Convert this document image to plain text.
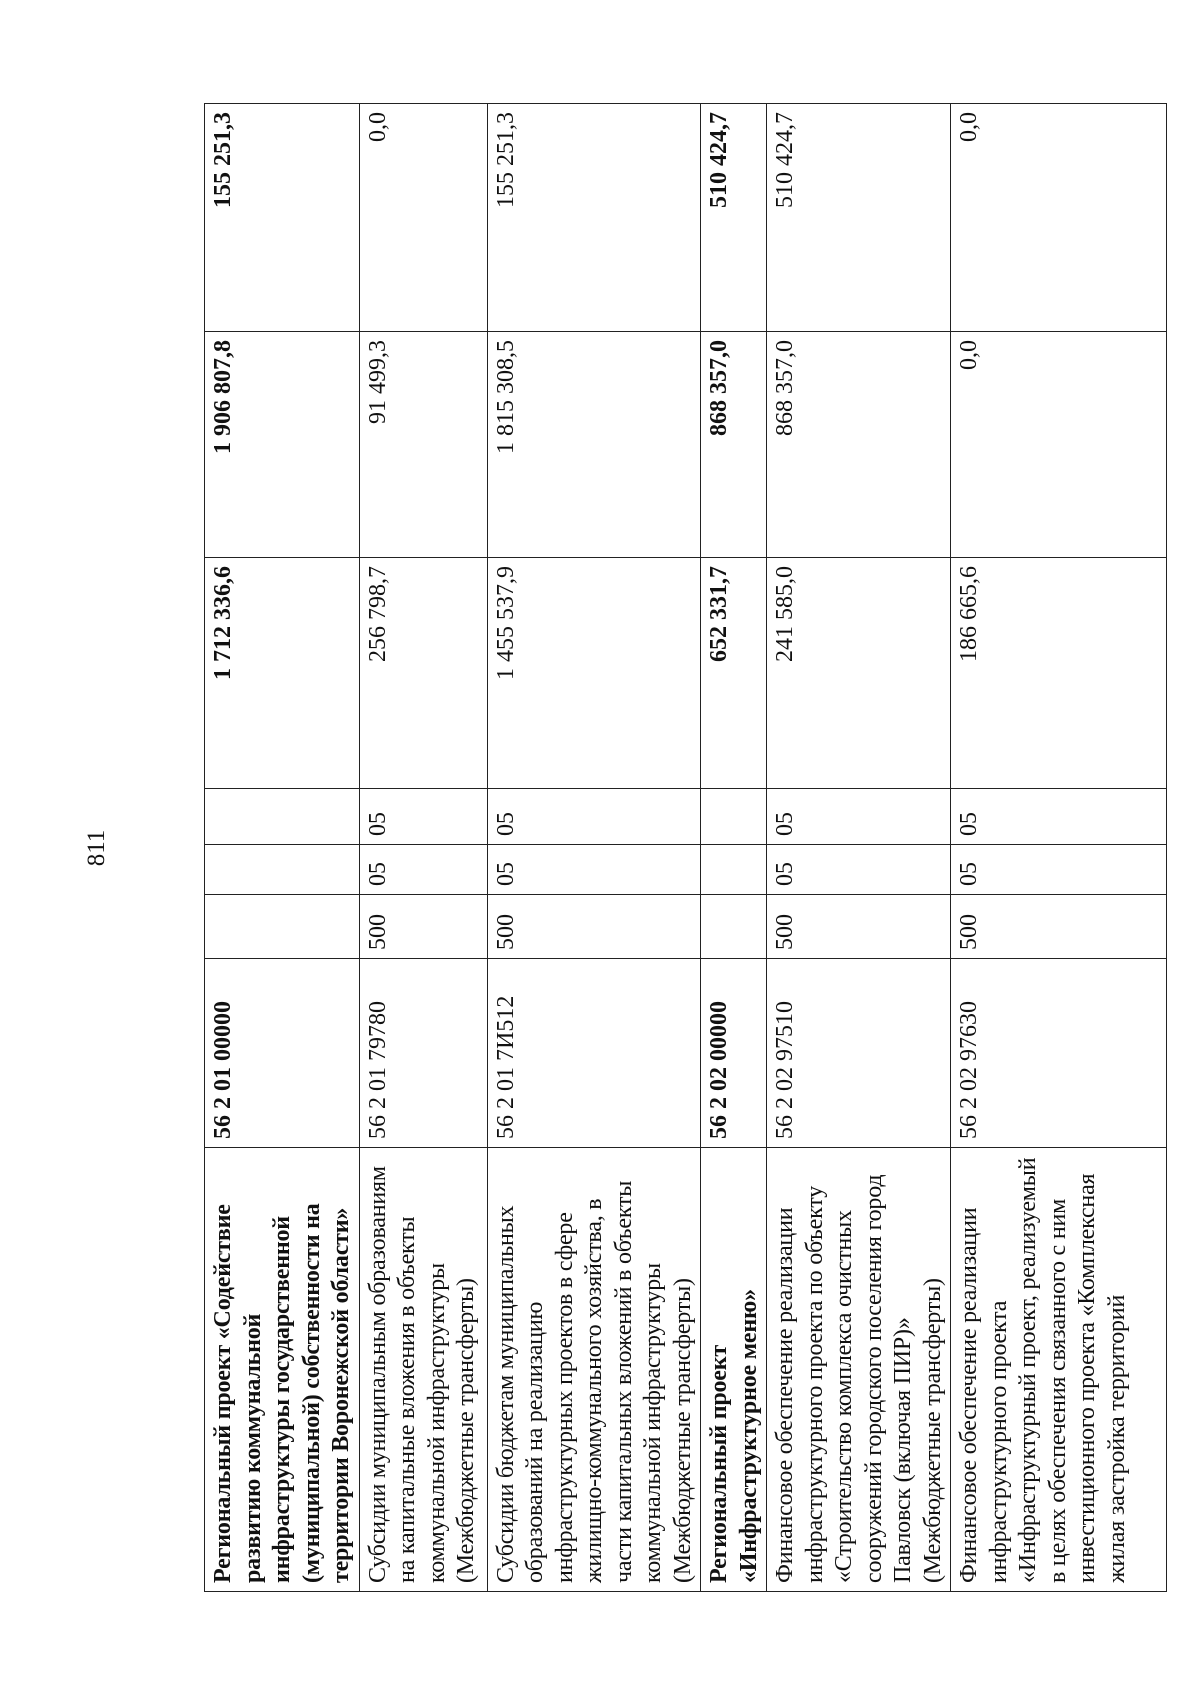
811
Региональный проект «Содействие развитию коммунальной инфраструктуры государственной (муниципальной) собственности на территории Воронежской области»	56 2 01 00000				1 712 336,6	1 906 807,8	155 251,3
Субсидии муниципальным образованиям на капитальные вложения в объекты коммунальной инфраструктуры (Межбюджетные трансферты)	56 2 01 79780	500	05	05	256 798,7	91 499,3	0,0
Субсидии бюджетам муниципальных образований на реализацию инфраструктурных проектов в сфере жилищно-коммунального хозяйства, в части капитальных вложений в объекты коммунальной инфраструктуры (Межбюджетные трансферты)	56 2 01 7И512	500	05	05	1 455 537,9	1 815 308,5	155 251,3
Региональный проект «Инфраструктурное меню»	56 2 02 00000				652 331,7	868 357,0	510 424,7
Финансовое обеспечение реализации инфраструктурного проекта по объекту «Строительство комплекса очистных сооружений городского поселения город Павловск (включая ПИР)» (Межбюджетные трансферты)	56 2 02 97510	500	05	05	241 585,0	868 357,0	510 424,7
Финансовое обеспечение реализации инфраструктурного проекта «Инфраструктурный проект, реализуемый в целях обеспечения связанного с ним инвестиционного проекта «Комплексная жилая застройка территорий	56 2 02 97630	500	05	05	186 665,6	0,0	0,0
